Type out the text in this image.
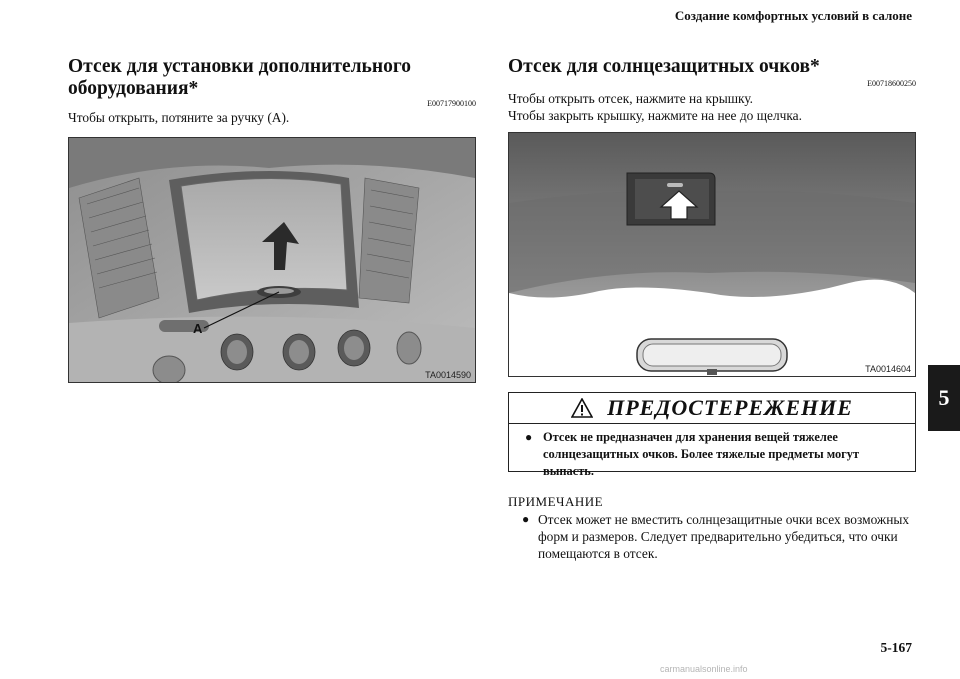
Создание комфортных условий в салоне
Отсек для установки дополнительного
оборудования*
E00717900100
Чтобы открыть, потяните за ручку (A).
A
TA0014590
Отсек для солнцезащитных очков*
E00718600250
Чтобы открыть отсек, нажмите на крышку.
Чтобы закрыть крышку, нажмите на нее до щелчка.
TA0014604
ПРЕДОСТЕРЕЖЕНИЕ
● Отсек не предназначен для хранения вещей тяжелее
солнцезащитных очков. Более тяжелые предметы могут
выпасть.
ПРИМЕЧАНИЕ
● Отсек может не вместить солнцезащитные очки всех возможных
форм и размеров. Следует предварительно убедиться, что очки
помещаются в отсек.
5
5-167
carmanualsonline.info
